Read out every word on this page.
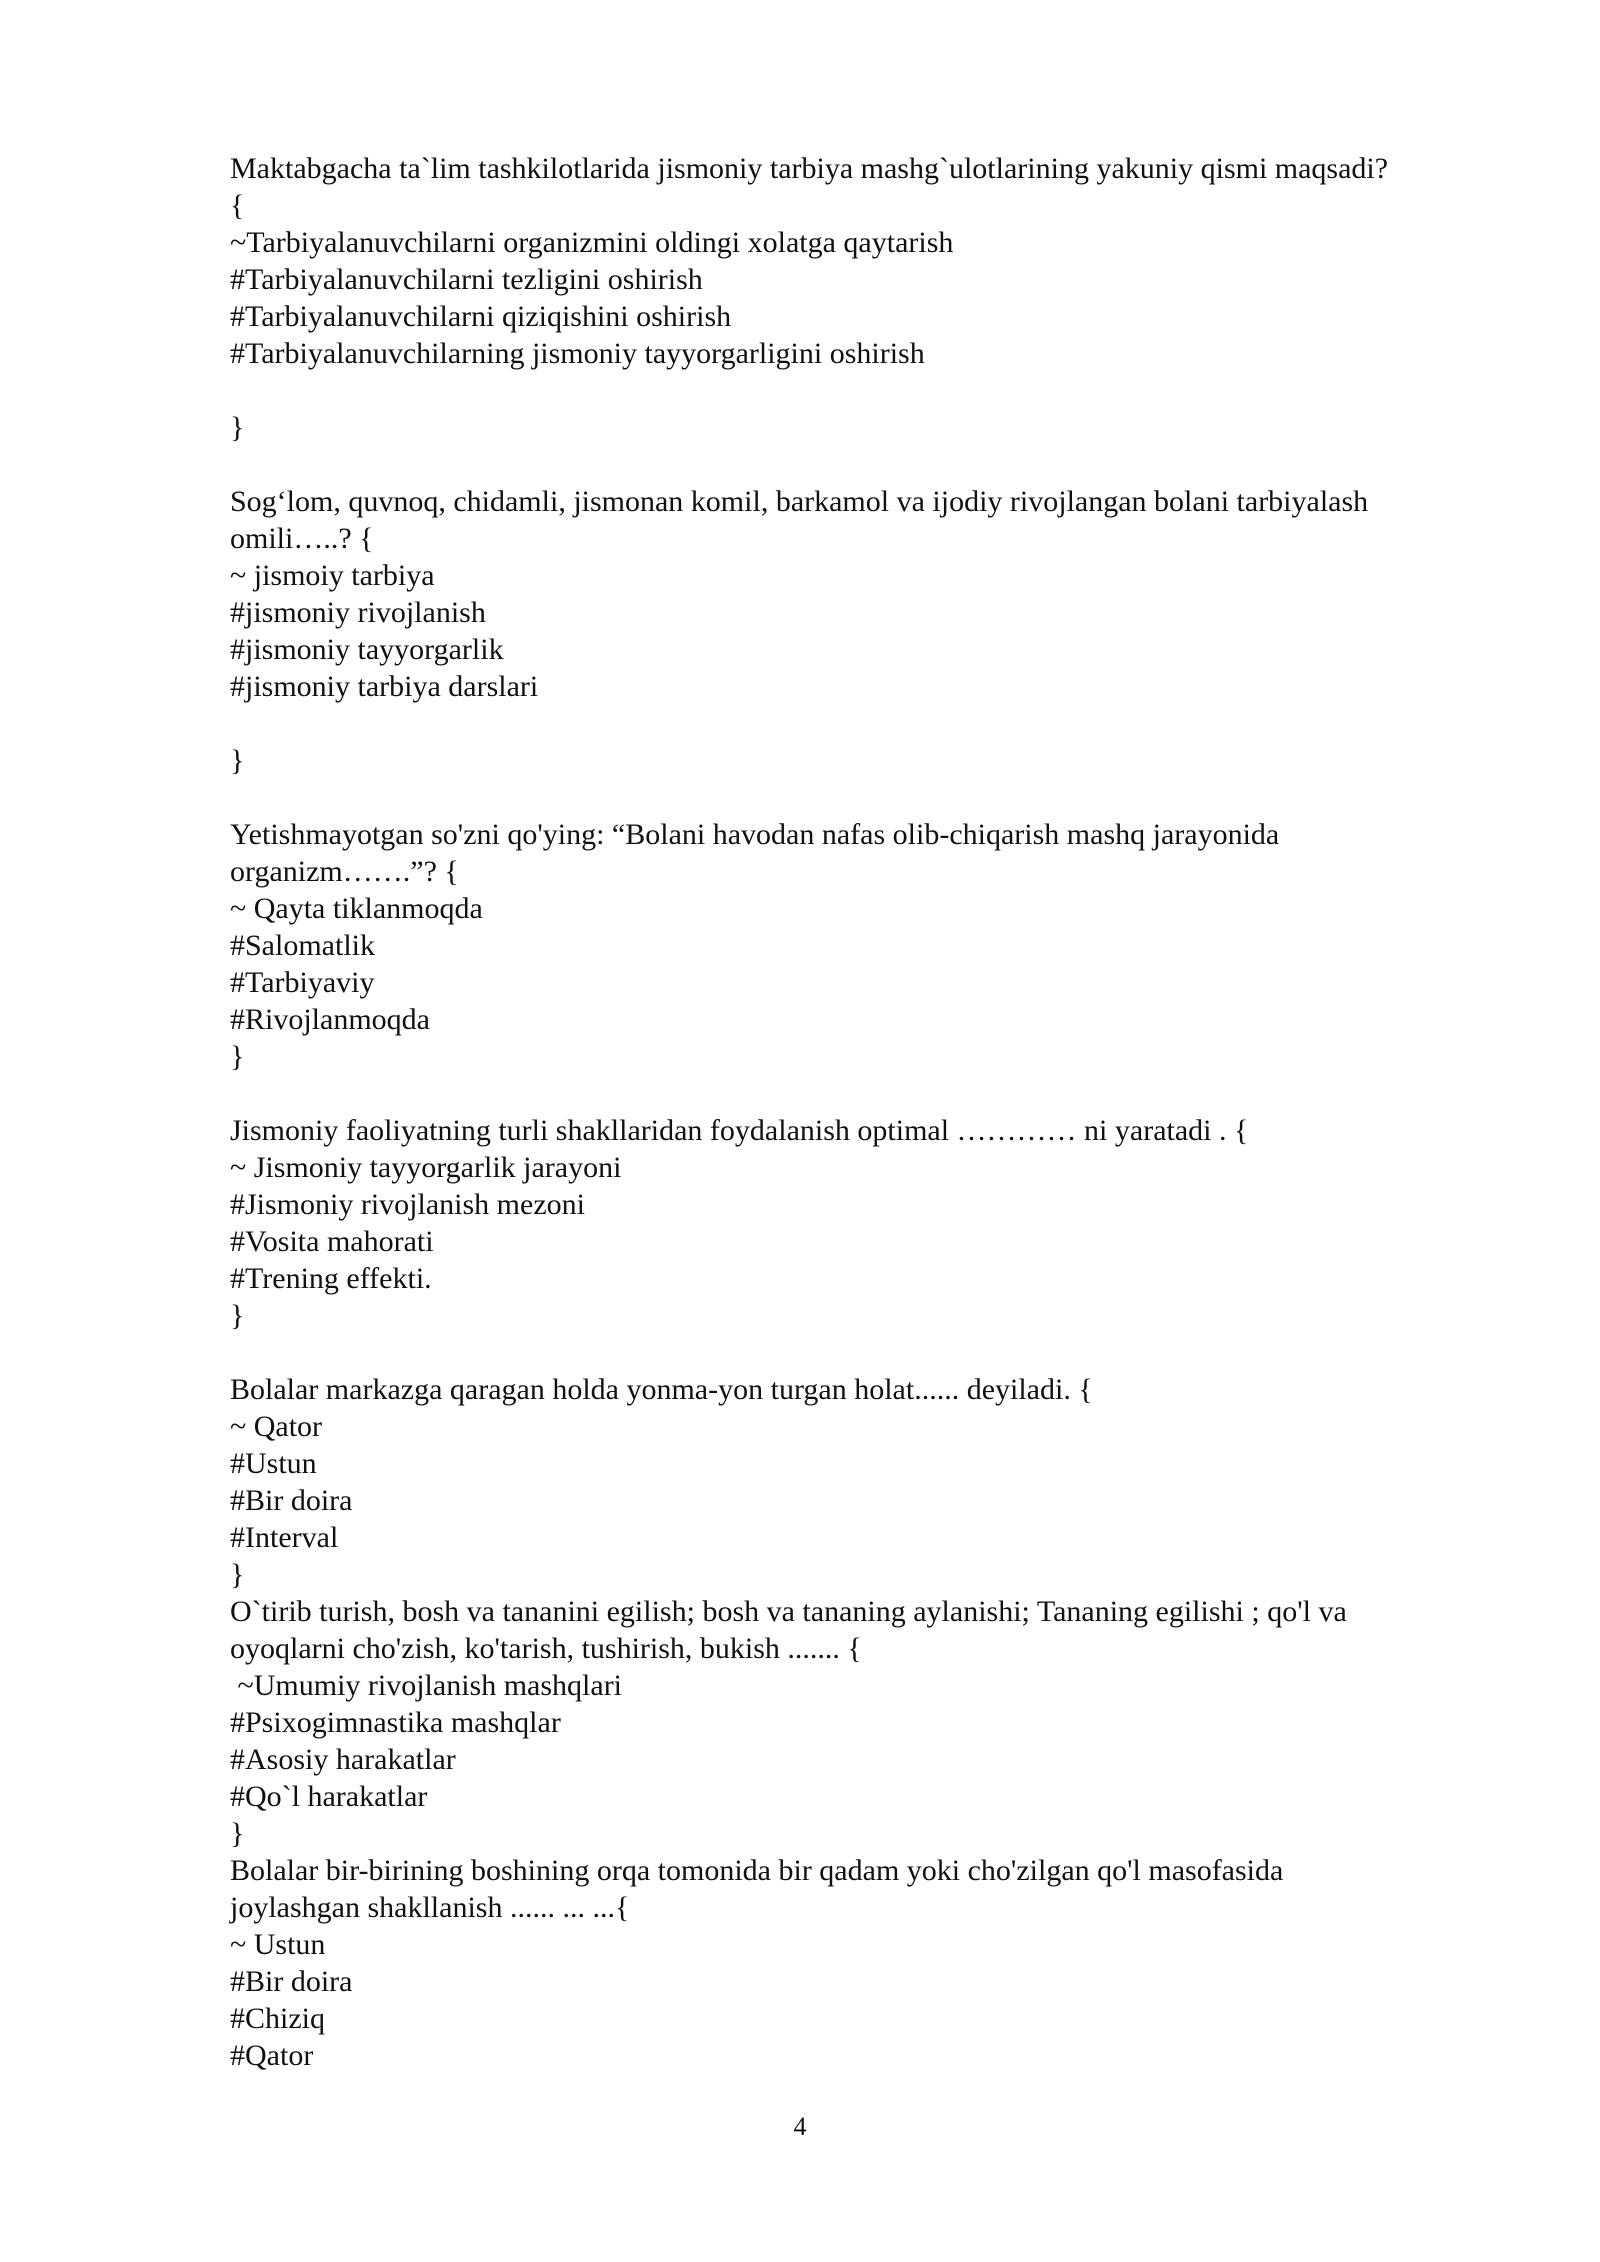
Maktabgacha ta`lim tashkilotlarida jismoniy tarbiya mashg`ulotlarining yakuniy qismi maqsadi?
{
~Tarbiyalanuvchilarni organizmini oldingi xolatga qaytarish
#Tarbiyalanuvchilarni tezligini oshirish
#Tarbiyalanuvchilarni qiziqishini oshirish
#Tarbiyalanuvchilarning jismoniy tayyorgarligini oshirish
}
Sog‘lom, quvnoq, chidamli, jismonan komil, barkamol va ijodiy rivojlangan bolani tarbiyalash
omili…..? {
~ jismoiy tarbiya
#jismoniy rivojlanish
#jismoniy tayyorgarlik
#jismoniy tarbiya darslari
}
Yetishmayotgan so'zni qo'ying: “Bolani havodan nafas olib-chiqarish mashq jarayonida
organizm…….”? {
~ Qayta tiklanmoqda
#Salomatlik
#Tarbiyaviy
#Rivojlanmoqda
}
Jismoniy faoliyatning turli shakllaridan foydalanish optimal ………… ni yaratadi . {
~ Jismoniy tayyorgarlik jarayoni
#Jismoniy rivojlanish mezoni
#Vosita mahorati
#Trening effekti.
}
Bolalar markazga qaragan holda yonma-yon turgan holat...... deyiladi. {
~ Qator
#Ustun
#Bir doira
#Interval
}
O`tirib turish, bosh va tananini egilish; bosh va tananing aylanishi; Tananing egilishi ; qo'l va
oyoqlarni cho'zish, ko'tarish, tushirish, bukish ....... {
~Umumiy rivojlanish mashqlari
#Psixogimnastika mashqlar
#Asosiy harakatlar
#Qo`l harakatlar
}
Bolalar bir-birining boshining orqa tomonida bir qadam yoki cho'zilgan qo'l masofasida
joylashgan shakllanish ...... ... ...{
~ Ustun
#Bir doira
#Chiziq
#Qator
4
